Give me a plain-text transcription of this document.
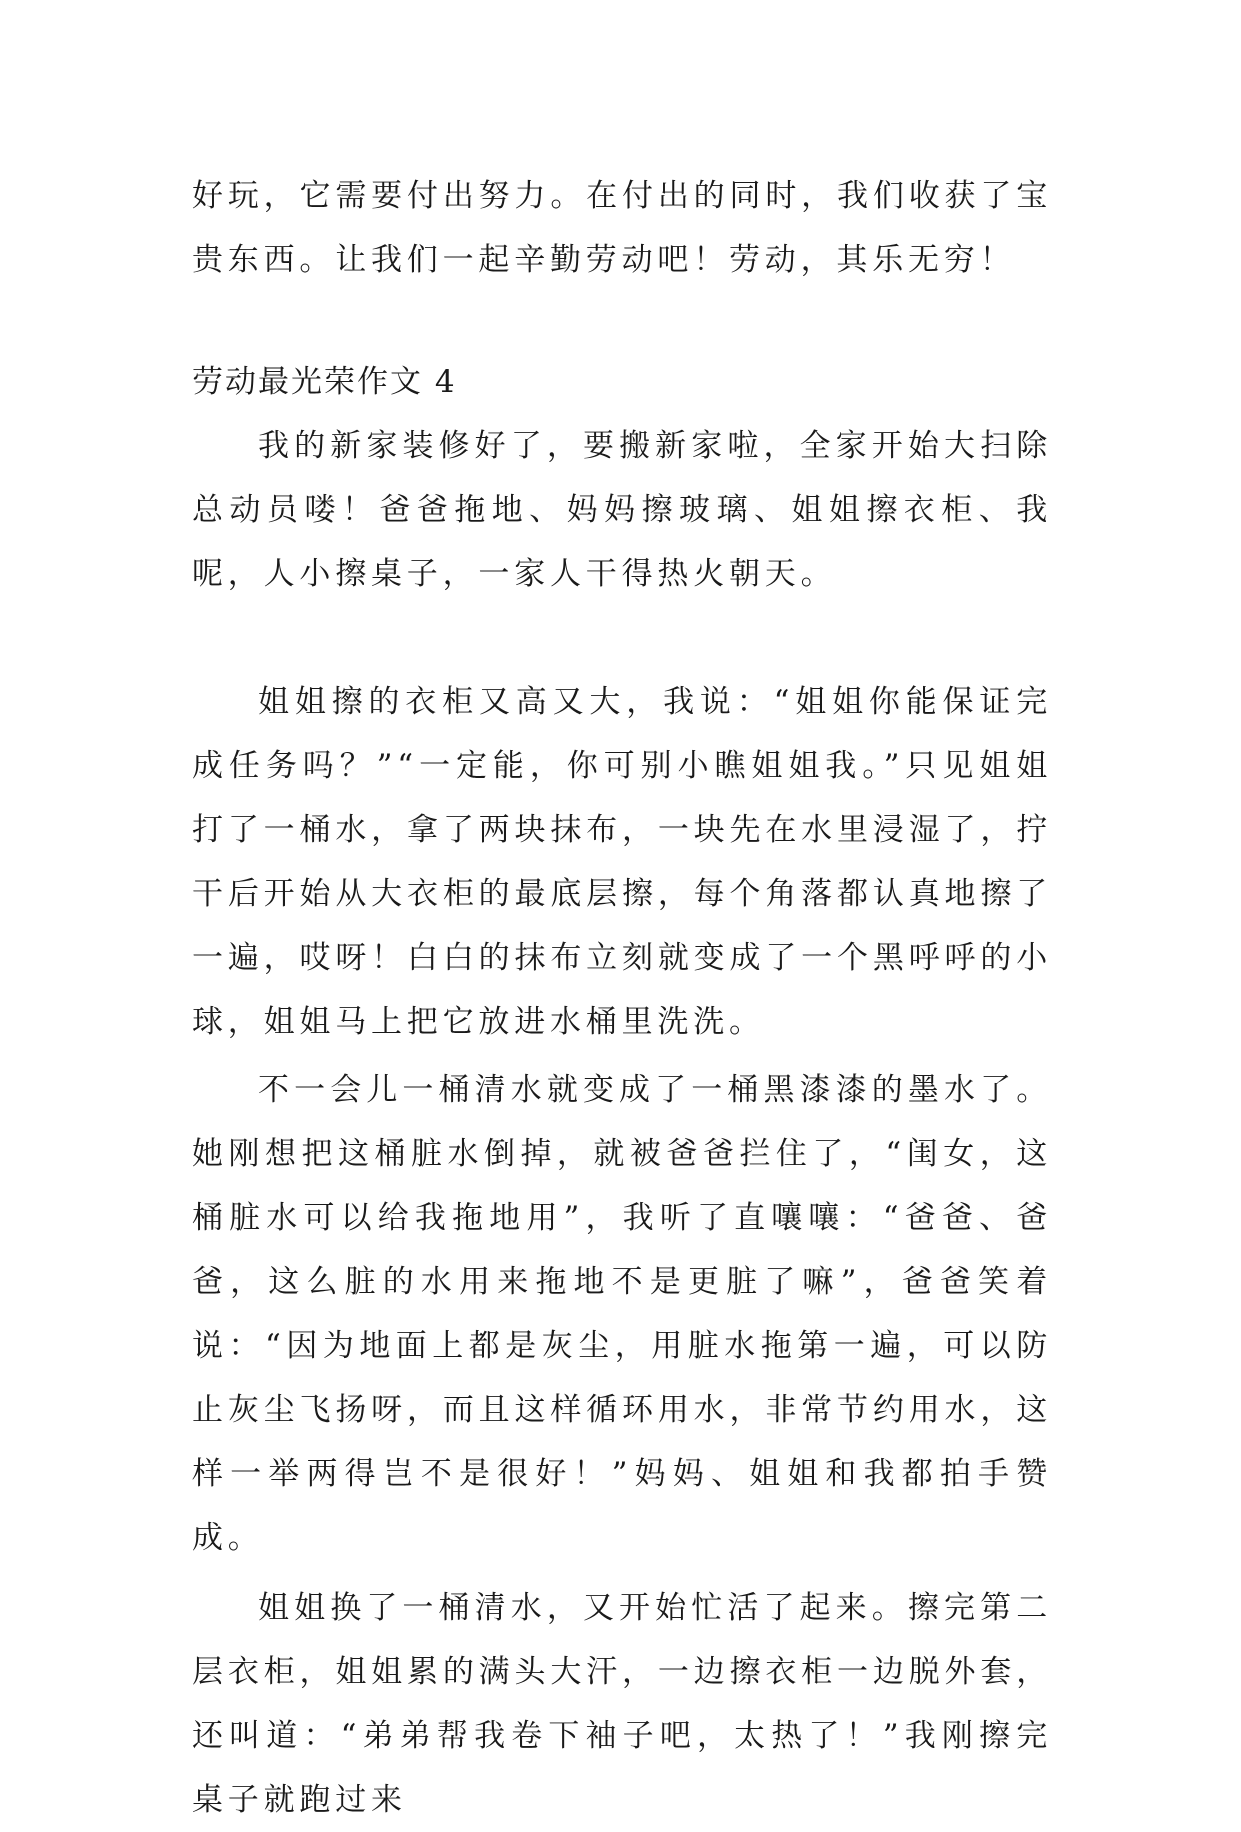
好玩，它需要付出努力。在付出的同时，我们收获了宝贵东西。让我们一起辛勤劳动吧！劳动，其乐无穷！

劳动最光荣作文 4

我的新家装修好了，要搬新家啦，全家开始大扫除总动员喽！爸爸拖地、妈妈擦玻璃、姐姐擦衣柜、我呢，人小擦桌子，一家人干得热火朝天。

姐姐擦的衣柜又高又大，我说：“姐姐你能保证完成任务吗？”“一定能，你可别小瞧姐姐我。”只见姐姐打了一桶水，拿了两块抹布，一块先在水里浸湿了，拧干后开始从大衣柜的最底层擦，每个角落都认真地擦了一遍，哎呀！白白的抹布立刻就变成了一个黑呼呼的小球，姐姐马上把它放进水桶里洗洗。

不一会儿一桶清水就变成了一桶黑漆漆的墨水了。她刚想把这桶脏水倒掉，就被爸爸拦住了，“闺女，这桶脏水可以给我拖地用”，我听了直嚷嚷：“爸爸、爸爸，这么脏的水用来拖地不是更脏了嘛”，爸爸笑着说：“因为地面上都是灰尘，用脏水拖第一遍，可以防止灰尘飞扬呀，而且这样循环用水，非常节约用水，这样一举两得岂不是很好！”妈妈、姐姐和我都拍手赞成。

姐姐换了一桶清水，又开始忙活了起来。擦完第二层衣柜，姐姐累的满头大汗，一边擦衣柜一边脱外套，还叫道：“弟弟帮我卷下袖子吧，太热了！”我刚擦完桌子就跑过来
